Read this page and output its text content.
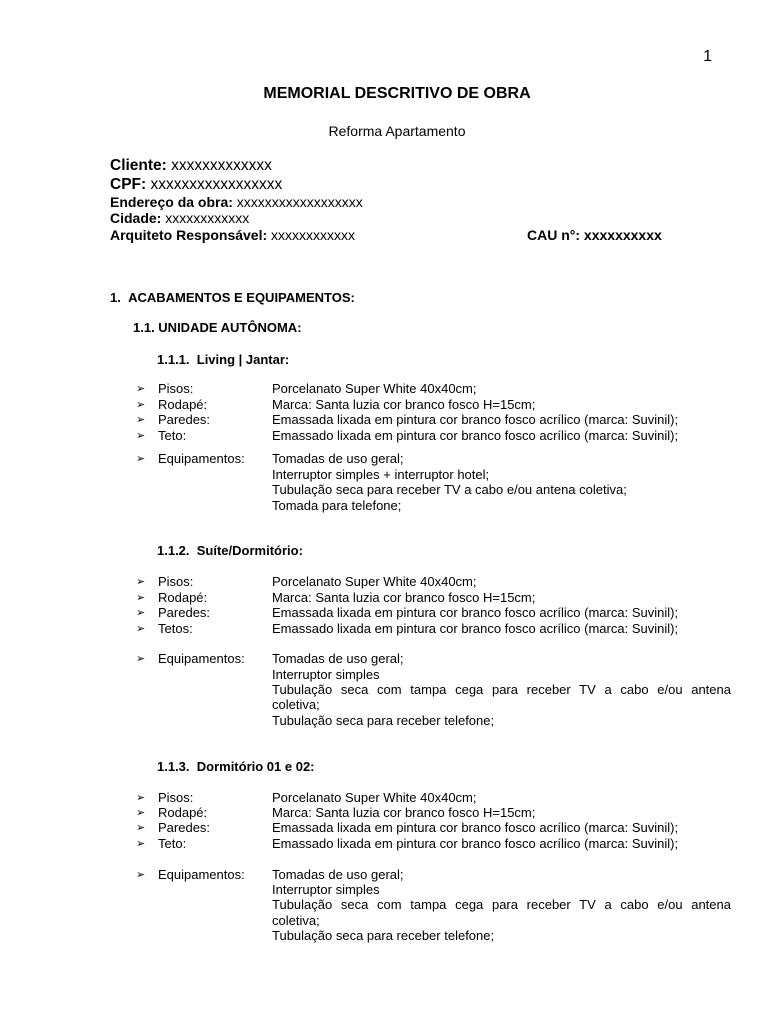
1
MEMORIAL DESCRITIVO DE OBRA
Reforma Apartamento
Cliente: xxxxxxxxxxxxx
CPF: xxxxxxxxxxxxxxxxx
Endereço da obra: xxxxxxxxxxxxxxxxxx
Cidade: xxxxxxxxxxxx
Arquiteto Responsável: xxxxxxxxxxxx	CAU n°: xxxxxxxxxx
1.  ACABAMENTOS E EQUIPAMENTOS:
1.1. UNIDADE AUTÔNOMA:
1.1.1.  Living | Jantar:
➢ Pisos:	Porcelanato Super White 40x40cm;
➢ Rodapé:	Marca: Santa luzia cor branco fosco H=15cm;
➢ Paredes:	Emassada lixada em pintura cor branco fosco acrílico (marca: Suvinil);
➢ Teto:	Emassado lixada em pintura cor branco fosco acrílico (marca: Suvinil);
➢ Equipamentos: Tomadas de uso geral;
Interruptor simples + interruptor hotel;
Tubulação seca para receber TV a cabo e/ou antena coletiva;
Tomada para telefone;
1.1.2.  Suíte/Dormitório:
➢ Pisos:	Porcelanato Super White 40x40cm;
➢ Rodapé:	Marca: Santa luzia cor branco fosco H=15cm;
➢ Paredes:	Emassada lixada em pintura cor branco fosco acrílico (marca: Suvinil);
➢ Tetos:	Emassado lixada em pintura cor branco fosco acrílico (marca: Suvinil);
➢ Equipamentos: Tomadas de uso geral;
Interruptor simples
Tubulação seca com tampa cega para receber TV a cabo e/ou antena
coletiva;
Tubulação seca para receber telefone;
1.1.3.  Dormitório 01 e 02:
➢ Pisos:	Porcelanato Super White 40x40cm;
➢ Rodapé:	Marca: Santa luzia cor branco fosco H=15cm;
➢ Paredes:	Emassada lixada em pintura cor branco fosco acrílico (marca: Suvinil);
➢ Teto:	Emassado lixada em pintura cor branco fosco acrílico (marca: Suvinil);
➢ Equipamentos: Tomadas de uso geral;
Interruptor simples
Tubulação seca com tampa cega para receber TV a cabo e/ou antena
coletiva;
Tubulação seca para receber telefone;
